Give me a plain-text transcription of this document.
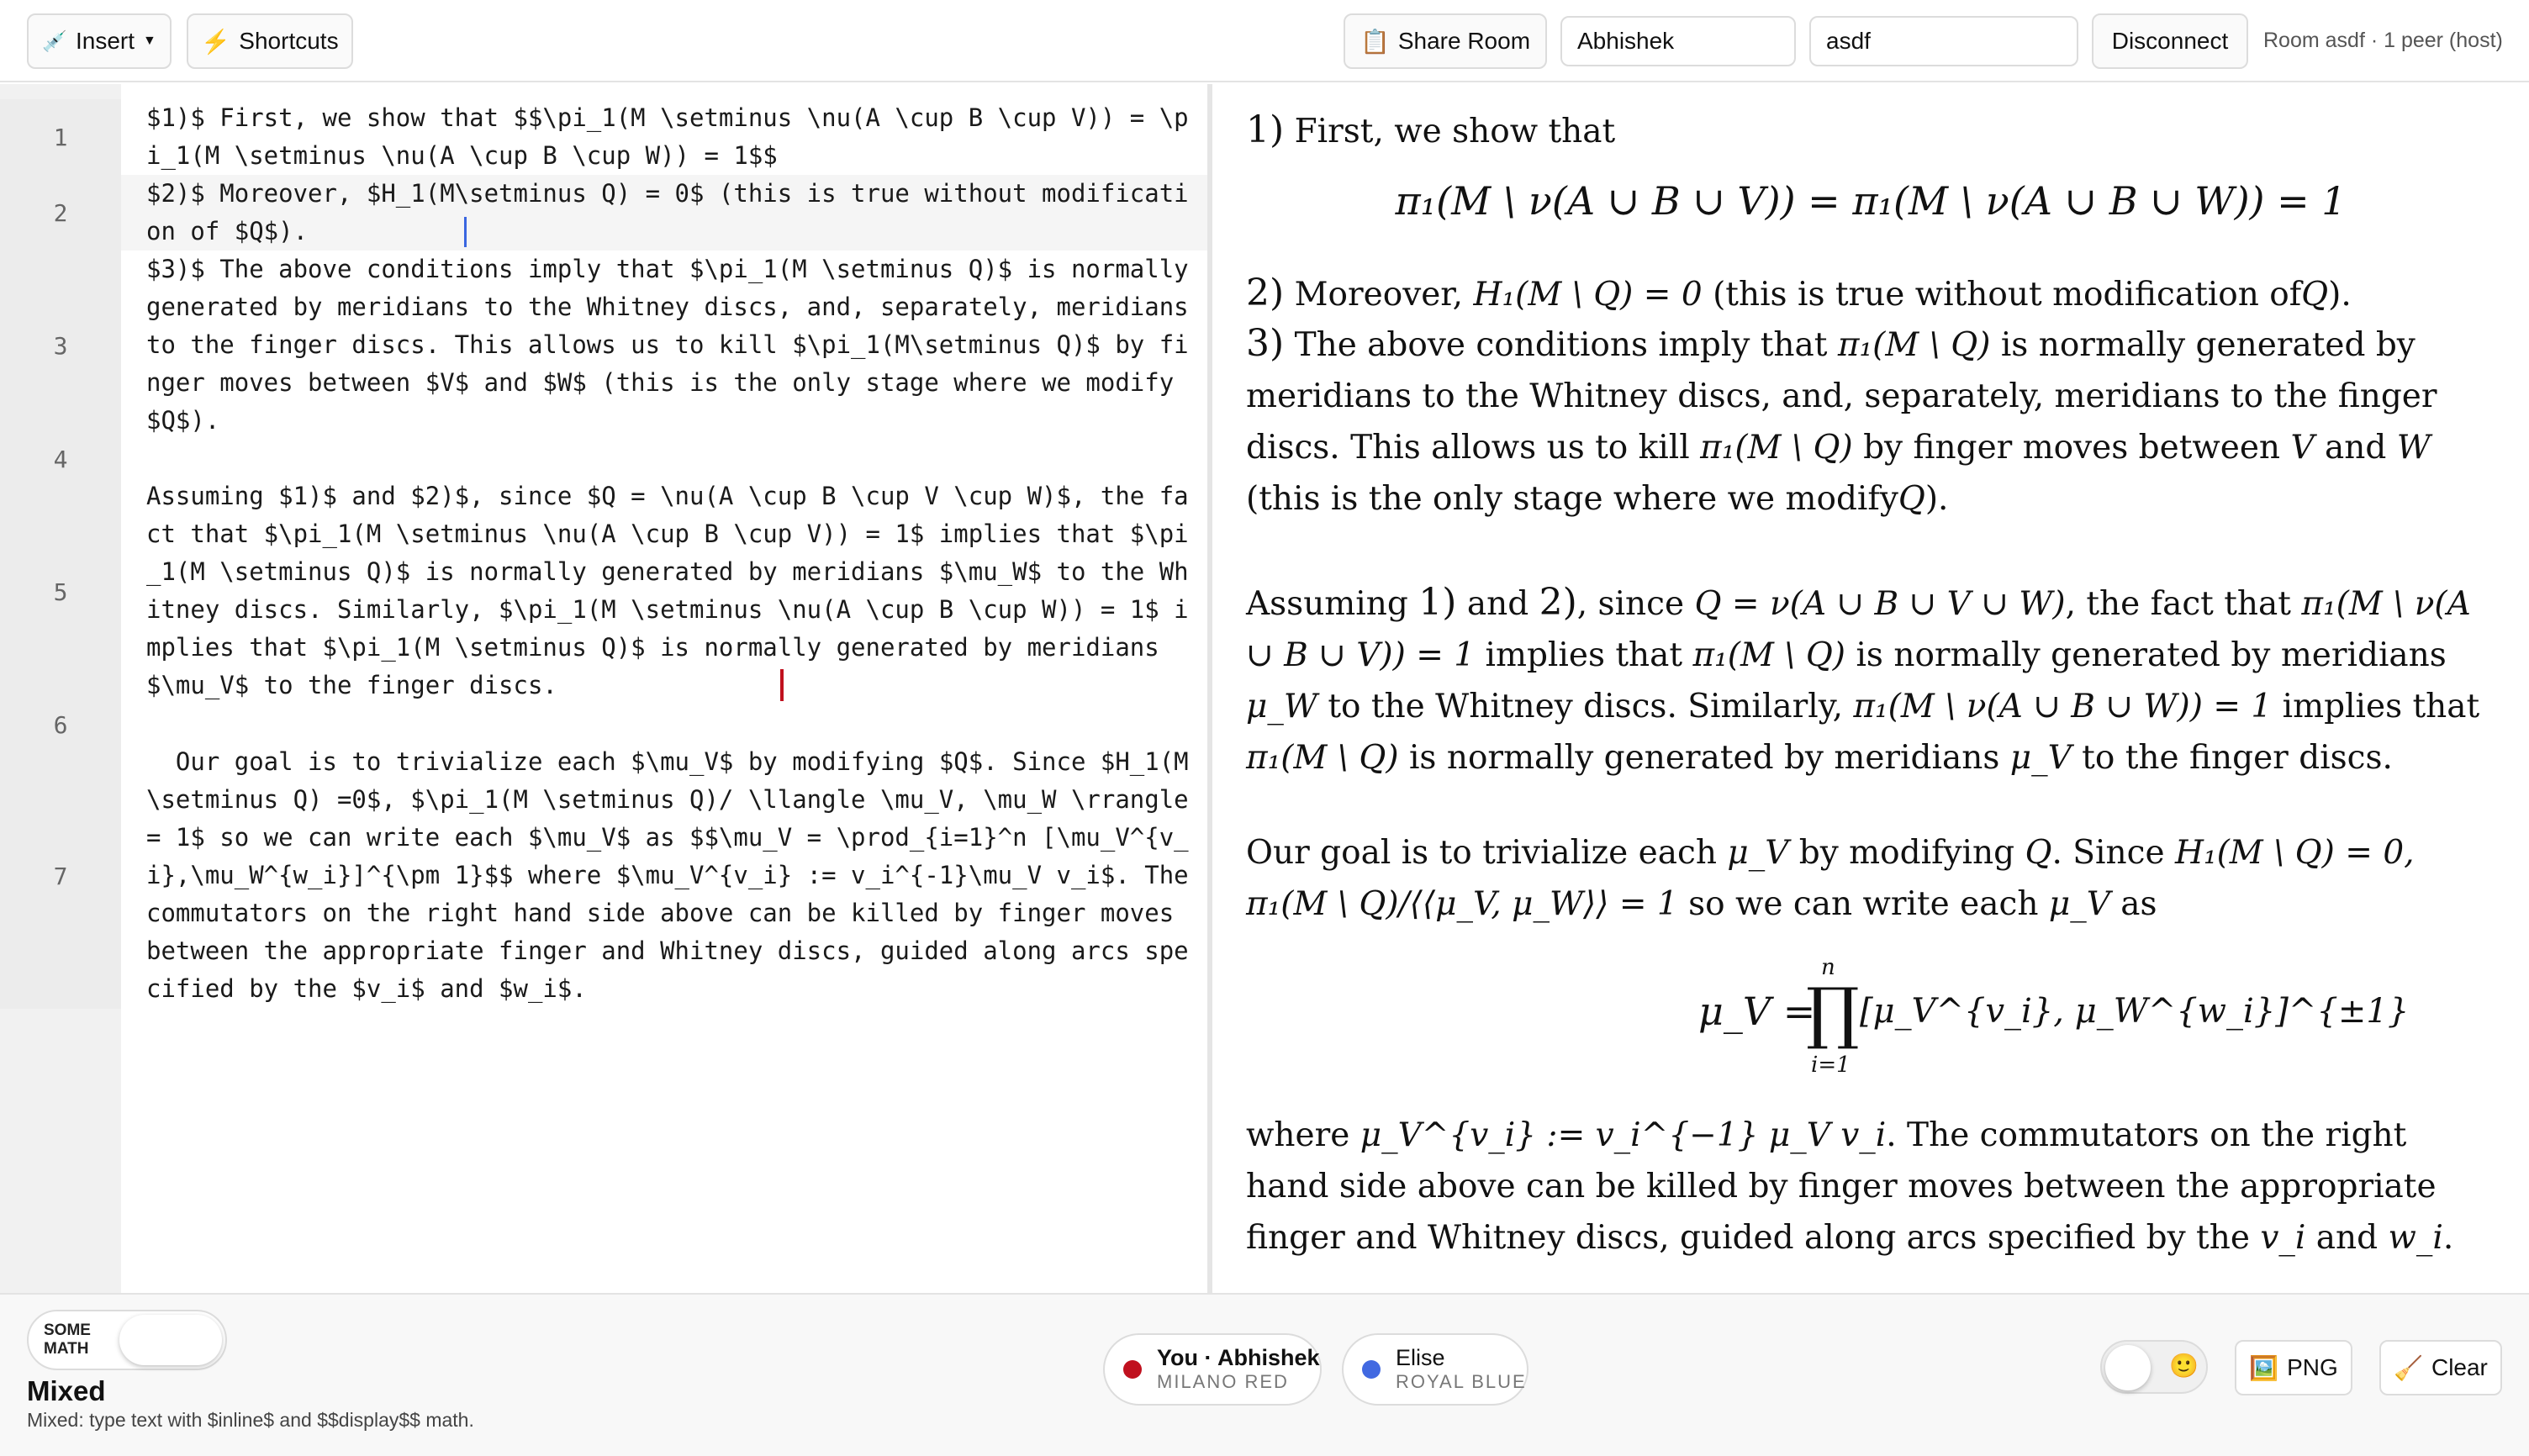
💉 Insert ▼ ⚡ Shortcuts	📋 Share Room Abhishek	asdf	Disconnect Room asdf · 1 peer (host)
1
$1)$ First, we show that $$\pi_1(M \setminus \nu(A \cup B \cup V)) = \pi_1(M \setminus \nu(A \cup B \cup W)) = 1$$
2
$2)$ Moreover, $H_1(M\setminus Q) = 0$ (this is true without modification of $Q$).
3
$3)$ The above conditions imply that $\pi_1(M \setminus Q)$ is normally generated by meridians to the Whitney discs, and, separately, meridians to the finger discs. This allows us to kill $\pi_1(M\setminus Q)$ by finger moves between $V$ and $W$ (this is the only stage where we modify $Q$).
4
5
Assuming $1)$ and $2)$, since $Q = \nu(A \cup B \cup V \cup W)$, the fact that $\pi_1(M \setminus \nu(A \cup B \cup V)) = 1$ implies that $\pi_1(M \setminus Q)$ is normally generated by meridians $\mu_W$ to the Whitney discs. Similarly, $\pi_1(M \setminus \nu(A \cup B \cup W)) = 1$ implies that $\pi_1(M \setminus Q)$ is normally generated by meridians $\mu_V$ to the finger discs.
6
7
Our goal is to trivialize each $\mu_V$ by modifying $Q$. Since $H_1(M \setminus Q) =0$, $\pi_1(M \setminus Q)/ \llangle \mu_V, \mu_W \rrangle = 1$ so we can write each $\mu_V$ as $$\mu_V = \prod_{i=1}^n [\mu_V^{v_i},\mu_W^{w_i}]^{\pm 1}$$ where $\mu_V^{v_i} := v_i^{-1}\mu_V v_i$. The commutators on the right hand side above can be killed by finger moves between the appropriate finger and Whitney discs, guided along arcs specified by the $v_i$ and $w_i$.
1) First, we show that
π₁(M \ ν(A ∪ B ∪ V)) = π₁(M \ ν(A ∪ B ∪ W)) = 1
2) Moreover, H₁(M \ Q) = 0 (this is true without modification ofQ).
3) The above conditions imply that π₁(M \ Q) is normally generated by meridians to the Whitney discs, and, separately, meridians to the finger discs. This allows us to kill π₁(M \ Q) by finger moves between V and W (this is the only stage where we modifyQ).
Assuming 1) and 2), since Q = ν(A ∪ B ∪ V ∪ W), the fact that π₁(M \ ν(A ∪ B ∪ V)) = 1 implies that π₁(M \ Q) is normally generated by meridians μ_W to the Whitney discs. Similarly, π₁(M \ ν(A ∪ B ∪ W)) = 1 implies that π₁(M \ Q) is normally generated by meridians μ_V to the finger discs.
Our goal is to trivialize each μ_V by modifying Q. Since H₁(M \ Q) = 0, π₁(M \ Q)/⟨⟨μ_V, μ_W⟩⟩ = 1 so we can write each μ_V as
μ_V =
n
∏
i=1
[μ_V^{v_i}, μ_W^{w_i}]^{±1}
where μ_V^{v_i} := v_i^{−1} μ_V v_i. The commutators on the right hand side above can be killed by finger moves between the appropriate finger and Whitney discs, guided along arcs specified by the v_i and w_i.
SOME MATH
Mixed
Mixed: type text with $inline$ and $$display$$ math.
You · Abhishek
MILANO RED
Elise
ROYAL BLUE
🙂 🖼️ PNG 🧹 Clear
